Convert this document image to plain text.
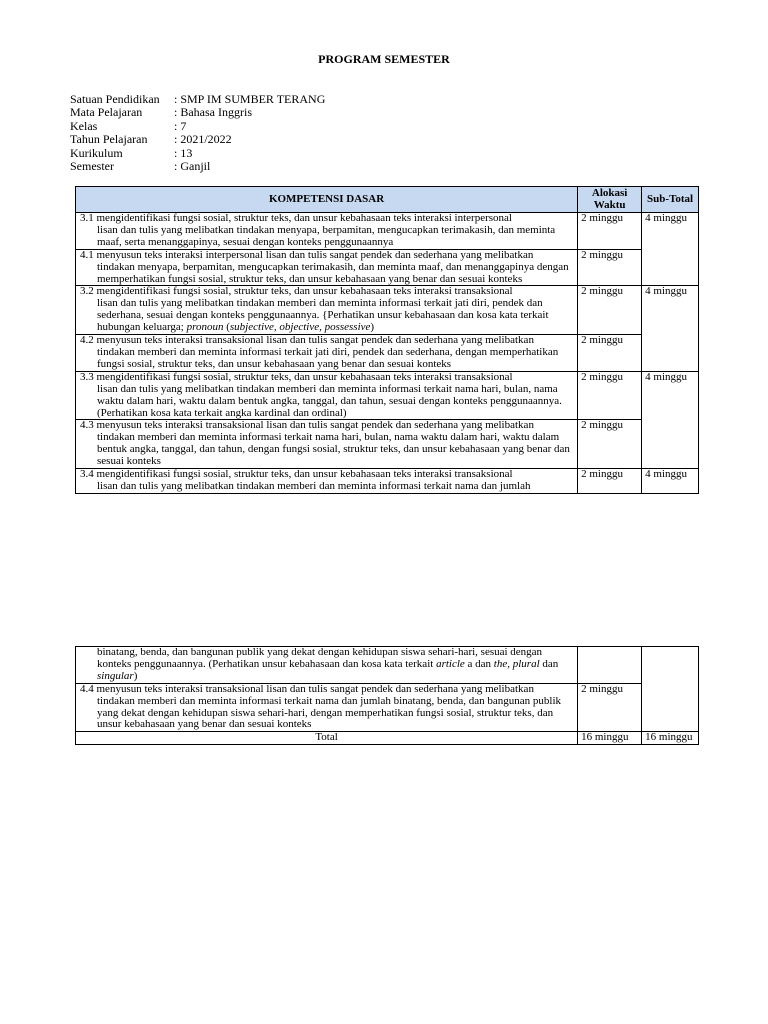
PROGRAM SEMESTER
Satuan Pendidikan	: SMP IM SUMBER TERANG
Mata Pelajaran	: Bahasa Inggris
Kelas	: 7
Tahun Pelajaran	: 2021/2022
Kurikulum	: 13
Semester	: Ganjil
KOMPETENSI DASAR	Alokasi Waktu	Sub-Total

3.1 mengidentifikasi fungsi sosial, struktur teks, dan unsur kebahasaan teks interaksi interpersonal
lisan dan tulis yang melibatkan tindakan menyapa, berpamitan, mengucapkan terimakasih, dan meminta maaf, serta menanggapinya, sesuai dengan konteks penggunaannya	2 minggu	4 minggu

4.1 menyusun teks interaksi interpersonal lisan dan tulis sangat pendek dan sederhana yang melibatkan
tindakan menyapa, berpamitan, mengucapkan terimakasih, dan meminta maaf, dan menanggapinya dengan memperhatikan fungsi sosial, struktur teks, dan unsur kebahasaan yang benar dan sesuai konteks	2 minggu	

3.2 mengidentifikasi fungsi sosial, struktur teks, dan unsur kebahasaan teks interaksi transaksional
lisan dan tulis yang melibatkan tindakan memberi dan meminta informasi terkait jati diri, pendek dan sederhana, sesuai dengan konteks penggunaannya. {Perhatikan unsur kebahasaan dan kosa kata terkait hubungan keluarga; pronoun (subjective, objective, possessive)	2 minggu	4 minggu

4.2 menyusun teks interaksi transaksional lisan dan tulis sangat pendek dan sederhana yang melibatkan
tindakan memberi dan meminta informasi terkait jati diri, pendek dan sederhana, dengan memperhatikan fungsi sosial, struktur teks, dan unsur kebahasaan yang benar dan sesuai konteks	2 minggu	

3.3 mengidentifikasi fungsi sosial, struktur teks, dan unsur kebahasaan teks interaksi transaksional
lisan dan tulis yang melibatkan tindakan memberi dan meminta informasi terkait nama hari, bulan, nama waktu dalam hari, waktu dalam bentuk angka, tanggal, dan tahun, sesuai dengan konteks penggunaannya. (Perhatikan kosa kata terkait angka kardinal dan ordinal)	2 minggu	4 minggu

4.3 menyusun teks interaksi transaksional lisan dan tulis sangat pendek dan sederhana yang melibatkan
tindakan memberi dan meminta informasi terkait nama hari, bulan, nama waktu dalam hari, waktu dalam bentuk angka, tanggal, dan tahun, dengan fungsi sosial, struktur teks, dan unsur kebahasaan yang benar dan sesuai konteks	2 minggu	

3.4 mengidentifikasi fungsi sosial, struktur teks, dan unsur kebahasaan teks interaksi transaksional
lisan dan tulis yang melibatkan tindakan memberi dan meminta informasi terkait nama dan jumlah	2 minggu	4 minggu
binatang, benda, dan bangunan publik yang dekat dengan kehidupan siswa sehari-hari, sesuai dengan konteks penggunaannya. (Perhatikan unsur kebahasaan dan kosa kata terkait article a dan the, plural dan singular)		

4.4 menyusun teks interaksi transaksional lisan dan tulis sangat pendek dan sederhana yang melibatkan
tindakan memberi dan meminta informasi terkait nama dan jumlah binatang, benda, dan bangunan publik yang dekat dengan kehidupan siswa sehari-hari, dengan memperhatikan fungsi sosial, struktur teks, dan unsur kebahasaan yang benar dan sesuai konteks	2 minggu	
Total	16 minggu	16 minggu
